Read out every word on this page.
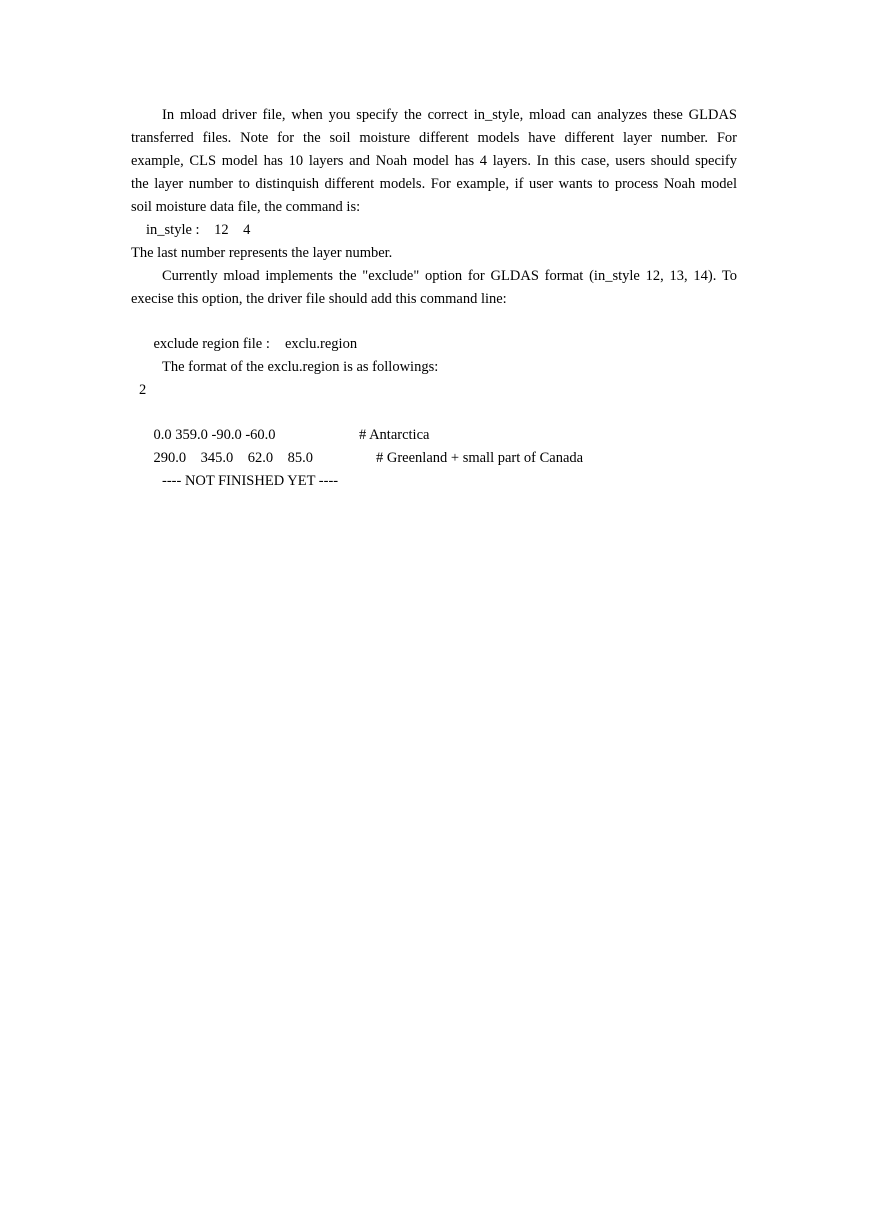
In mload driver file, when you specify the correct in_style, mload can analyzes these GLDAS
transferred files. Note for the soil moisture different models have different layer number. For
example, CLS model has 10 layers and Noah model has 4 layers. In this case, users should specify
the layer number to distinquish different models. For example, if user wants to process Noah model
soil moisture data file, the command is:
in_style :    12    4
The last number represents the layer number.
Currently mload implements the "exclude" option for GLDAS format (in_style 12, 13, 14). To
execise this option, the driver file should add this command line:

exclude region file : exclu.region

The format of the exclu.region is as followings:
2

0.0 359.0 -90.0 -60.0	# Antarctica

290.0    345.0    62.0    85.0	# Greenland + small part of Canada

---- NOT FINISHED YET ----
